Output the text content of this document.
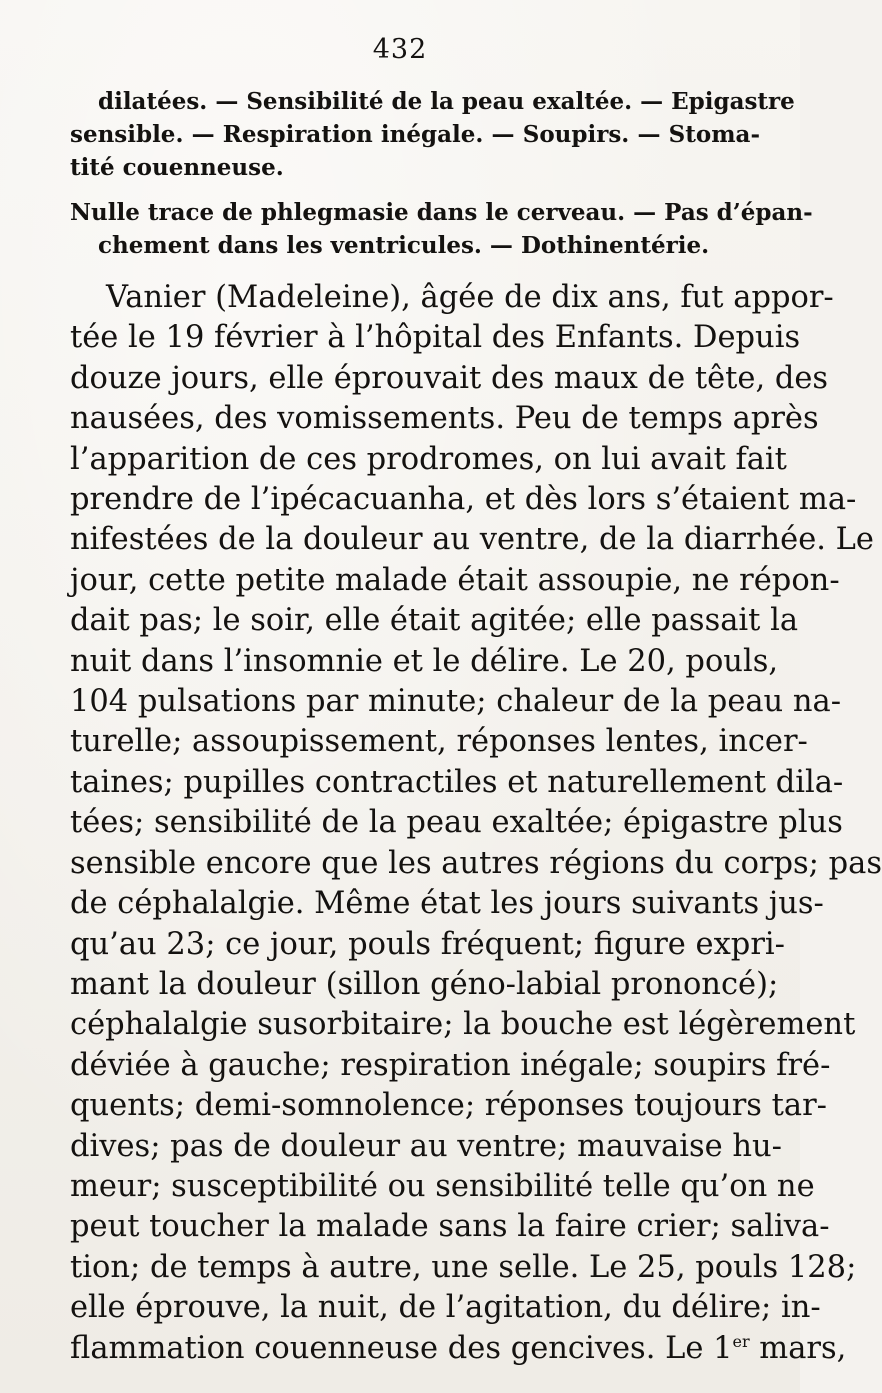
432
dilatées. — Sensibilité de la peau exaltée. — Epigastre
sensible. — Respiration inégale. — Soupirs. — Stoma-
tité couenneuse.
Nulle trace de phlegmasie dans le cerveau. — Pas d’épan-
chement dans les ventricules. — Dothinentérie.
Vanier (Madeleine), âgée de dix ans, fut appor-
tée le 19 février à l’hôpital des Enfants. Depuis
douze jours, elle éprouvait des maux de tête, des
nausées, des vomissements. Peu de temps après
l’apparition de ces prodromes, on lui avait fait
prendre de l’ipécacuanha, et dès lors s’étaient ma-
nifestées de la douleur au ventre, de la diarrhée. Le
jour, cette petite malade était assoupie, ne répon-
dait pas; le soir, elle était agitée; elle passait la
nuit dans l’insomnie et le délire. Le 20, pouls,
104 pulsations par minute; chaleur de la peau na-
turelle; assoupissement, réponses lentes, incer-
taines; pupilles contractiles et naturellement dila-
tées; sensibilité de la peau exaltée; épigastre plus
sensible encore que les autres régions du corps; pas
de céphalalgie. Même état les jours suivants jus-
qu’au 23; ce jour, pouls fréquent; figure expri-
mant la douleur (sillon géno-labial prononcé);
céphalalgie susorbitaire; la bouche est légèrement
déviée à gauche; respiration inégale; soupirs fré-
quents; demi-somnolence; réponses toujours tar-
dives; pas de douleur au ventre; mauvaise hu-
meur; susceptibilité ou sensibilité telle qu’on ne
peut toucher la malade sans la faire crier; saliva-
tion; de temps à autre, une selle. Le 25, pouls 128;
elle éprouve, la nuit, de l’agitation, du délire; in-
flammation couenneuse des gencives. Le 1er mars,
